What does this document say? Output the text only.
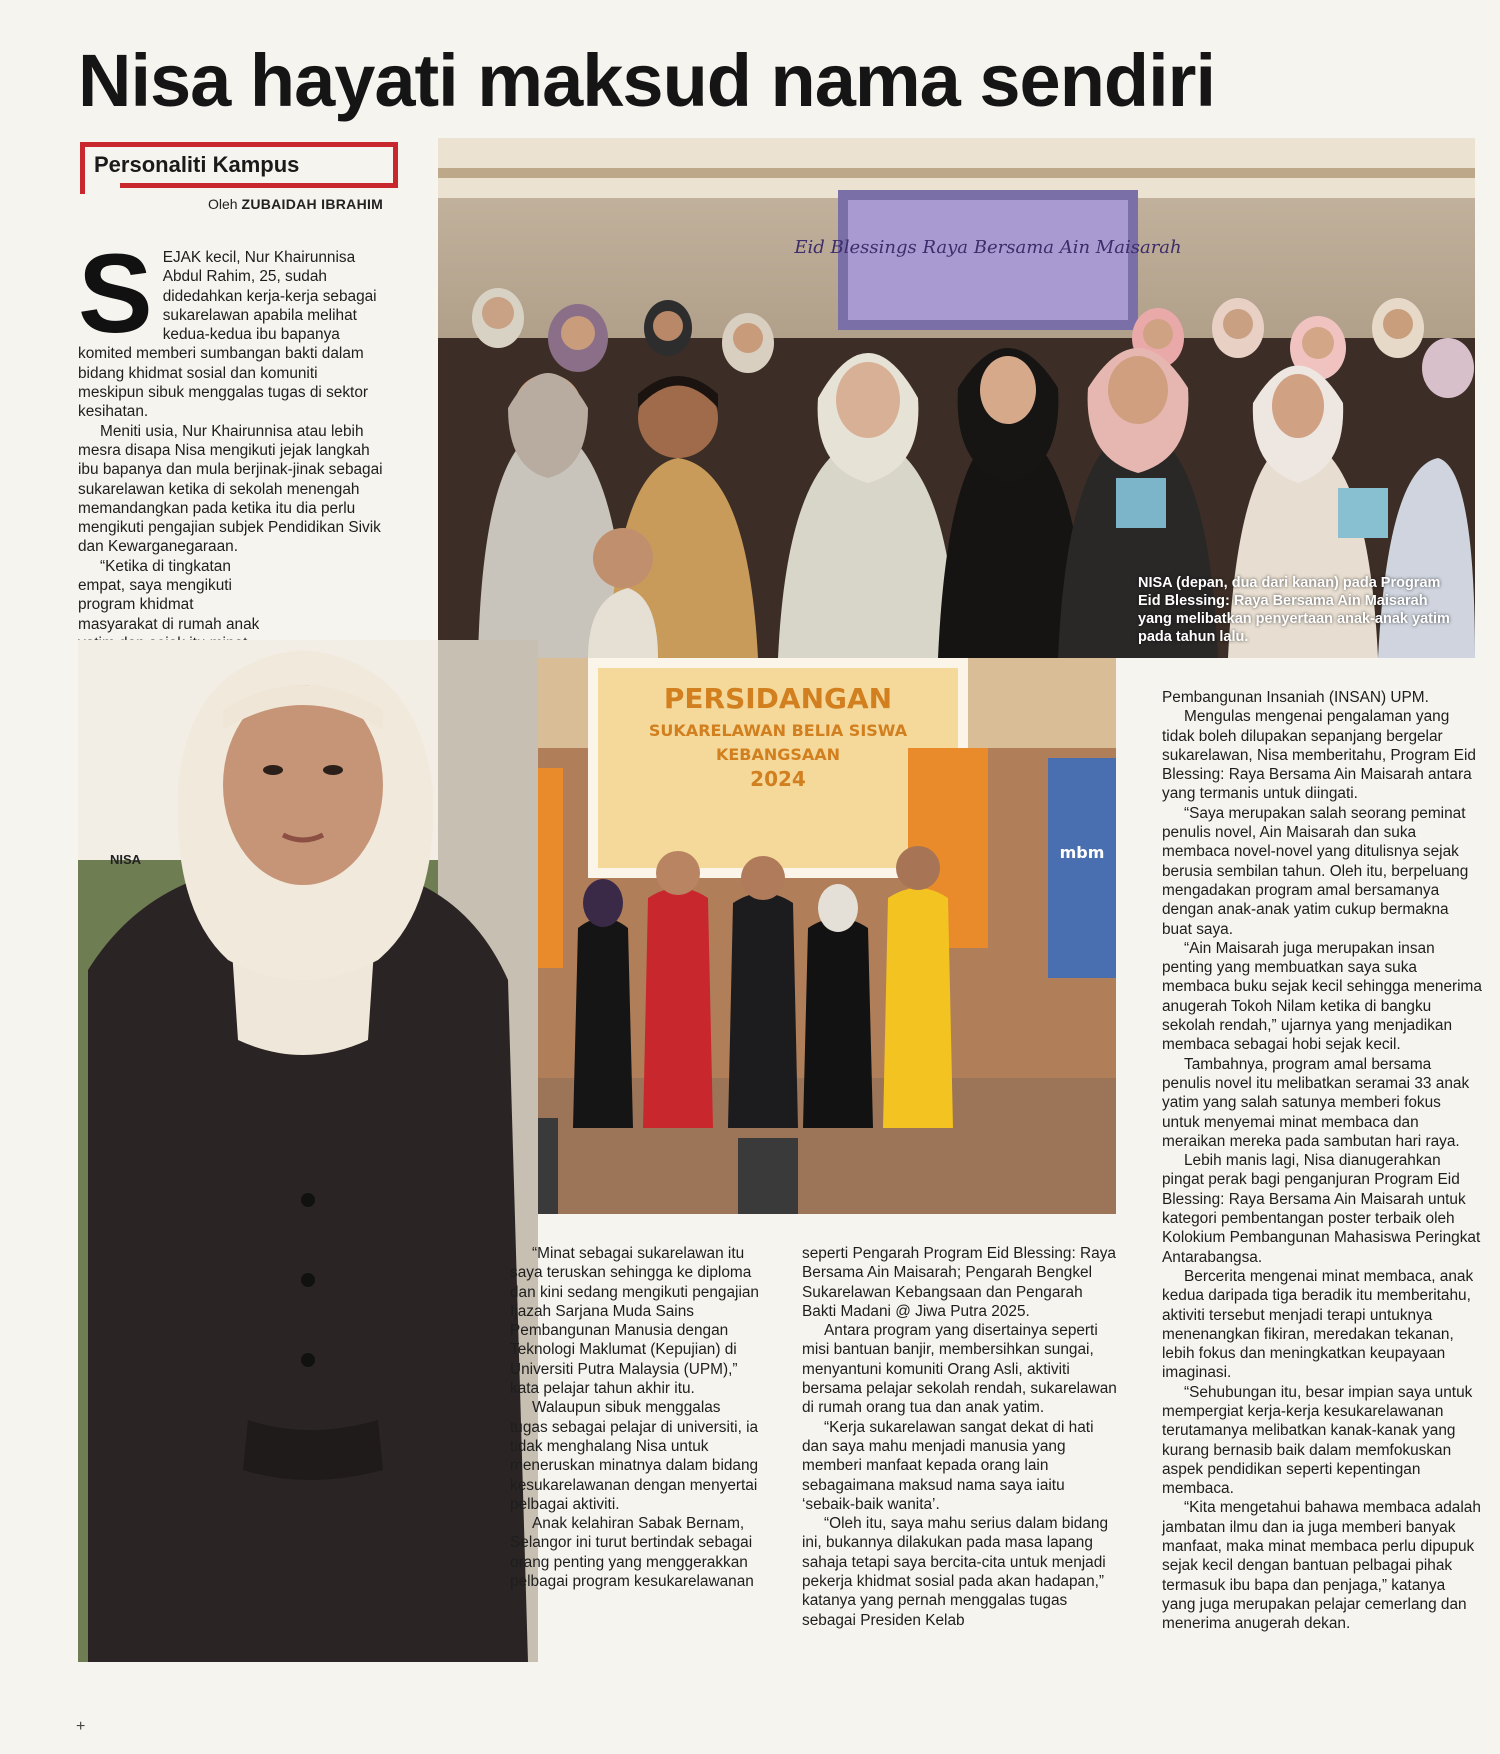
Nisa hayati maksud nama sendiri
Personaliti Kampus
Oleh ZUBAIDAH IBRAHIM

SEJAK kecil, Nur Khairunnisa Abdul Rahim, 25, sudah didedahkan kerja-kerja sebagai sukarelawan apabila melihat kedua-kedua ibu bapanya komited memberi sumbangan bakti dalam bidang khidmat sosial dan komuniti meskipun sibuk menggalas tugas di sektor kesihatan.

Meniti usia, Nur Khairunnisa atau lebih mesra disapa Nisa mengikuti jejak langkah ibu bapanya dan mula berjinak-jinak sebagai sukarelawan ketika di sekolah menengah memandangkan pada ketika itu dia perlu mengikuti pengajian subjek Pendidikan Sivik dan Kewarganegaraan.

“Ketika di tingkatan empat, saya mengikuti program khidmat masyarakat di rumah anak

Eid Blessings Raya Bersama Ain Maisarah
NISA (depan, dua dari kanan) pada Program Eid Blessing: Raya Bersama Ain Maisarah yang melibatkan penyertaan anak-anak yatim pada tahun lalu.
PERSIDANGAN
SUKARELAWAN BELIA SISWA
KEBANGSAAN
2024
mbm
NISA

“Minat sebagai sukarelawan itu saya teruskan sehingga ke diploma dan kini sedang mengikuti pengajian Ijazah Sarjana Muda Sains Pembangunan Manusia dengan Teknologi Maklumat (Kepujian) di Universiti Putra Malaysia (UPM),” kata pelajar tahun akhir itu.

Walaupun sibuk menggalas tugas sebagai pelajar di universiti, ia tidak menghalang Nisa untuk meneruskan minatnya dalam bidang kesukarelawanan dengan menyertai pelbagai aktiviti.

Anak kelahiran Sabak Bernam, Selangor ini turut bertindak sebagai orang penting yang menggerakkan pelbagai program kesukarelawanan

seperti Pengarah Program Eid Blessing: Raya Bersama Ain Maisarah; Pengarah Bengkel Sukarelawan Kebangsaan dan Pengarah Bakti Madani @ Jiwa Putra 2025.

Antara program yang disertainya seperti misi bantuan banjir, membersihkan sungai, menyantuni komuniti Orang Asli, aktiviti bersama pelajar sekolah rendah, sukarelawan di rumah orang tua dan anak yatim.

“Kerja sukarelawan sangat dekat di hati dan saya mahu menjadi manusia yang memberi manfaat kepada orang lain sebagaimana maksud nama saya iaitu ‘sebaik-baik wanita’.

“Oleh itu, saya mahu serius dalam bidang ini, bukannya dilakukan pada masa lapang sahaja tetapi saya bercita-cita untuk menjadi pekerja khidmat sosial pada akan hadapan,” katanya yang pernah menggalas tugas sebagai Presiden Kelab

Pembangunan Insaniah (INSAN) UPM.

Mengulas mengenai pengalaman yang tidak boleh dilupakan sepanjang bergelar sukarelawan, Nisa memberitahu, Program Eid Blessing: Raya Bersama Ain Maisarah antara yang termanis untuk diingati.

“Saya merupakan salah seorang peminat penulis novel, Ain Maisarah dan suka membaca novel-novel yang ditulisnya sejak berusia sembilan tahun. Oleh itu, berpeluang mengadakan program amal bersamanya dengan anak-anak yatim cukup bermakna buat saya.

“Ain Maisarah juga merupakan insan penting yang membuatkan saya suka membaca buku sejak kecil sehingga menerima anugerah Tokoh Nilam ketika di bangku sekolah rendah,” ujarnya yang menjadikan membaca sebagai hobi sejak kecil.

Tambahnya, program amal bersama penulis novel itu melibatkan seramai 33 anak yatim yang salah satunya memberi fokus untuk menyemai minat membaca dan meraikan mereka pada sambutan hari raya.

Lebih manis lagi, Nisa dianugerahkan pingat perak bagi penganjuran Program Eid Blessing: Raya Bersama Ain Maisarah untuk kategori pembentangan poster terbaik oleh Kolokium Pembangunan Mahasiswa Peringkat Antarabangsa.

Bercerita mengenai minat membaca, anak kedua daripada tiga beradik itu memberitahu, aktiviti tersebut menjadi terapi untuknya menenangkan fikiran, meredakan tekanan, lebih fokus dan meningkatkan keupayaan imaginasi.

“Sehubungan itu, besar impian saya untuk mempergiat kerja-kerja kesukarelawanan terutamanya melibatkan kanak-kanak yang kurang bernasib baik dalam memfokuskan aspek pendidikan seperti kepentingan membaca.

“Kita mengetahui bahawa membaca adalah jambatan ilmu dan ia juga memberi banyak manfaat, maka minat membaca perlu dipupuk sejak kecil dengan bantuan pelbagai pihak termasuk ibu bapa dan penjaga,” katanya yang juga merupakan pelajar cemerlang dan menerima anugerah dekan.

+
